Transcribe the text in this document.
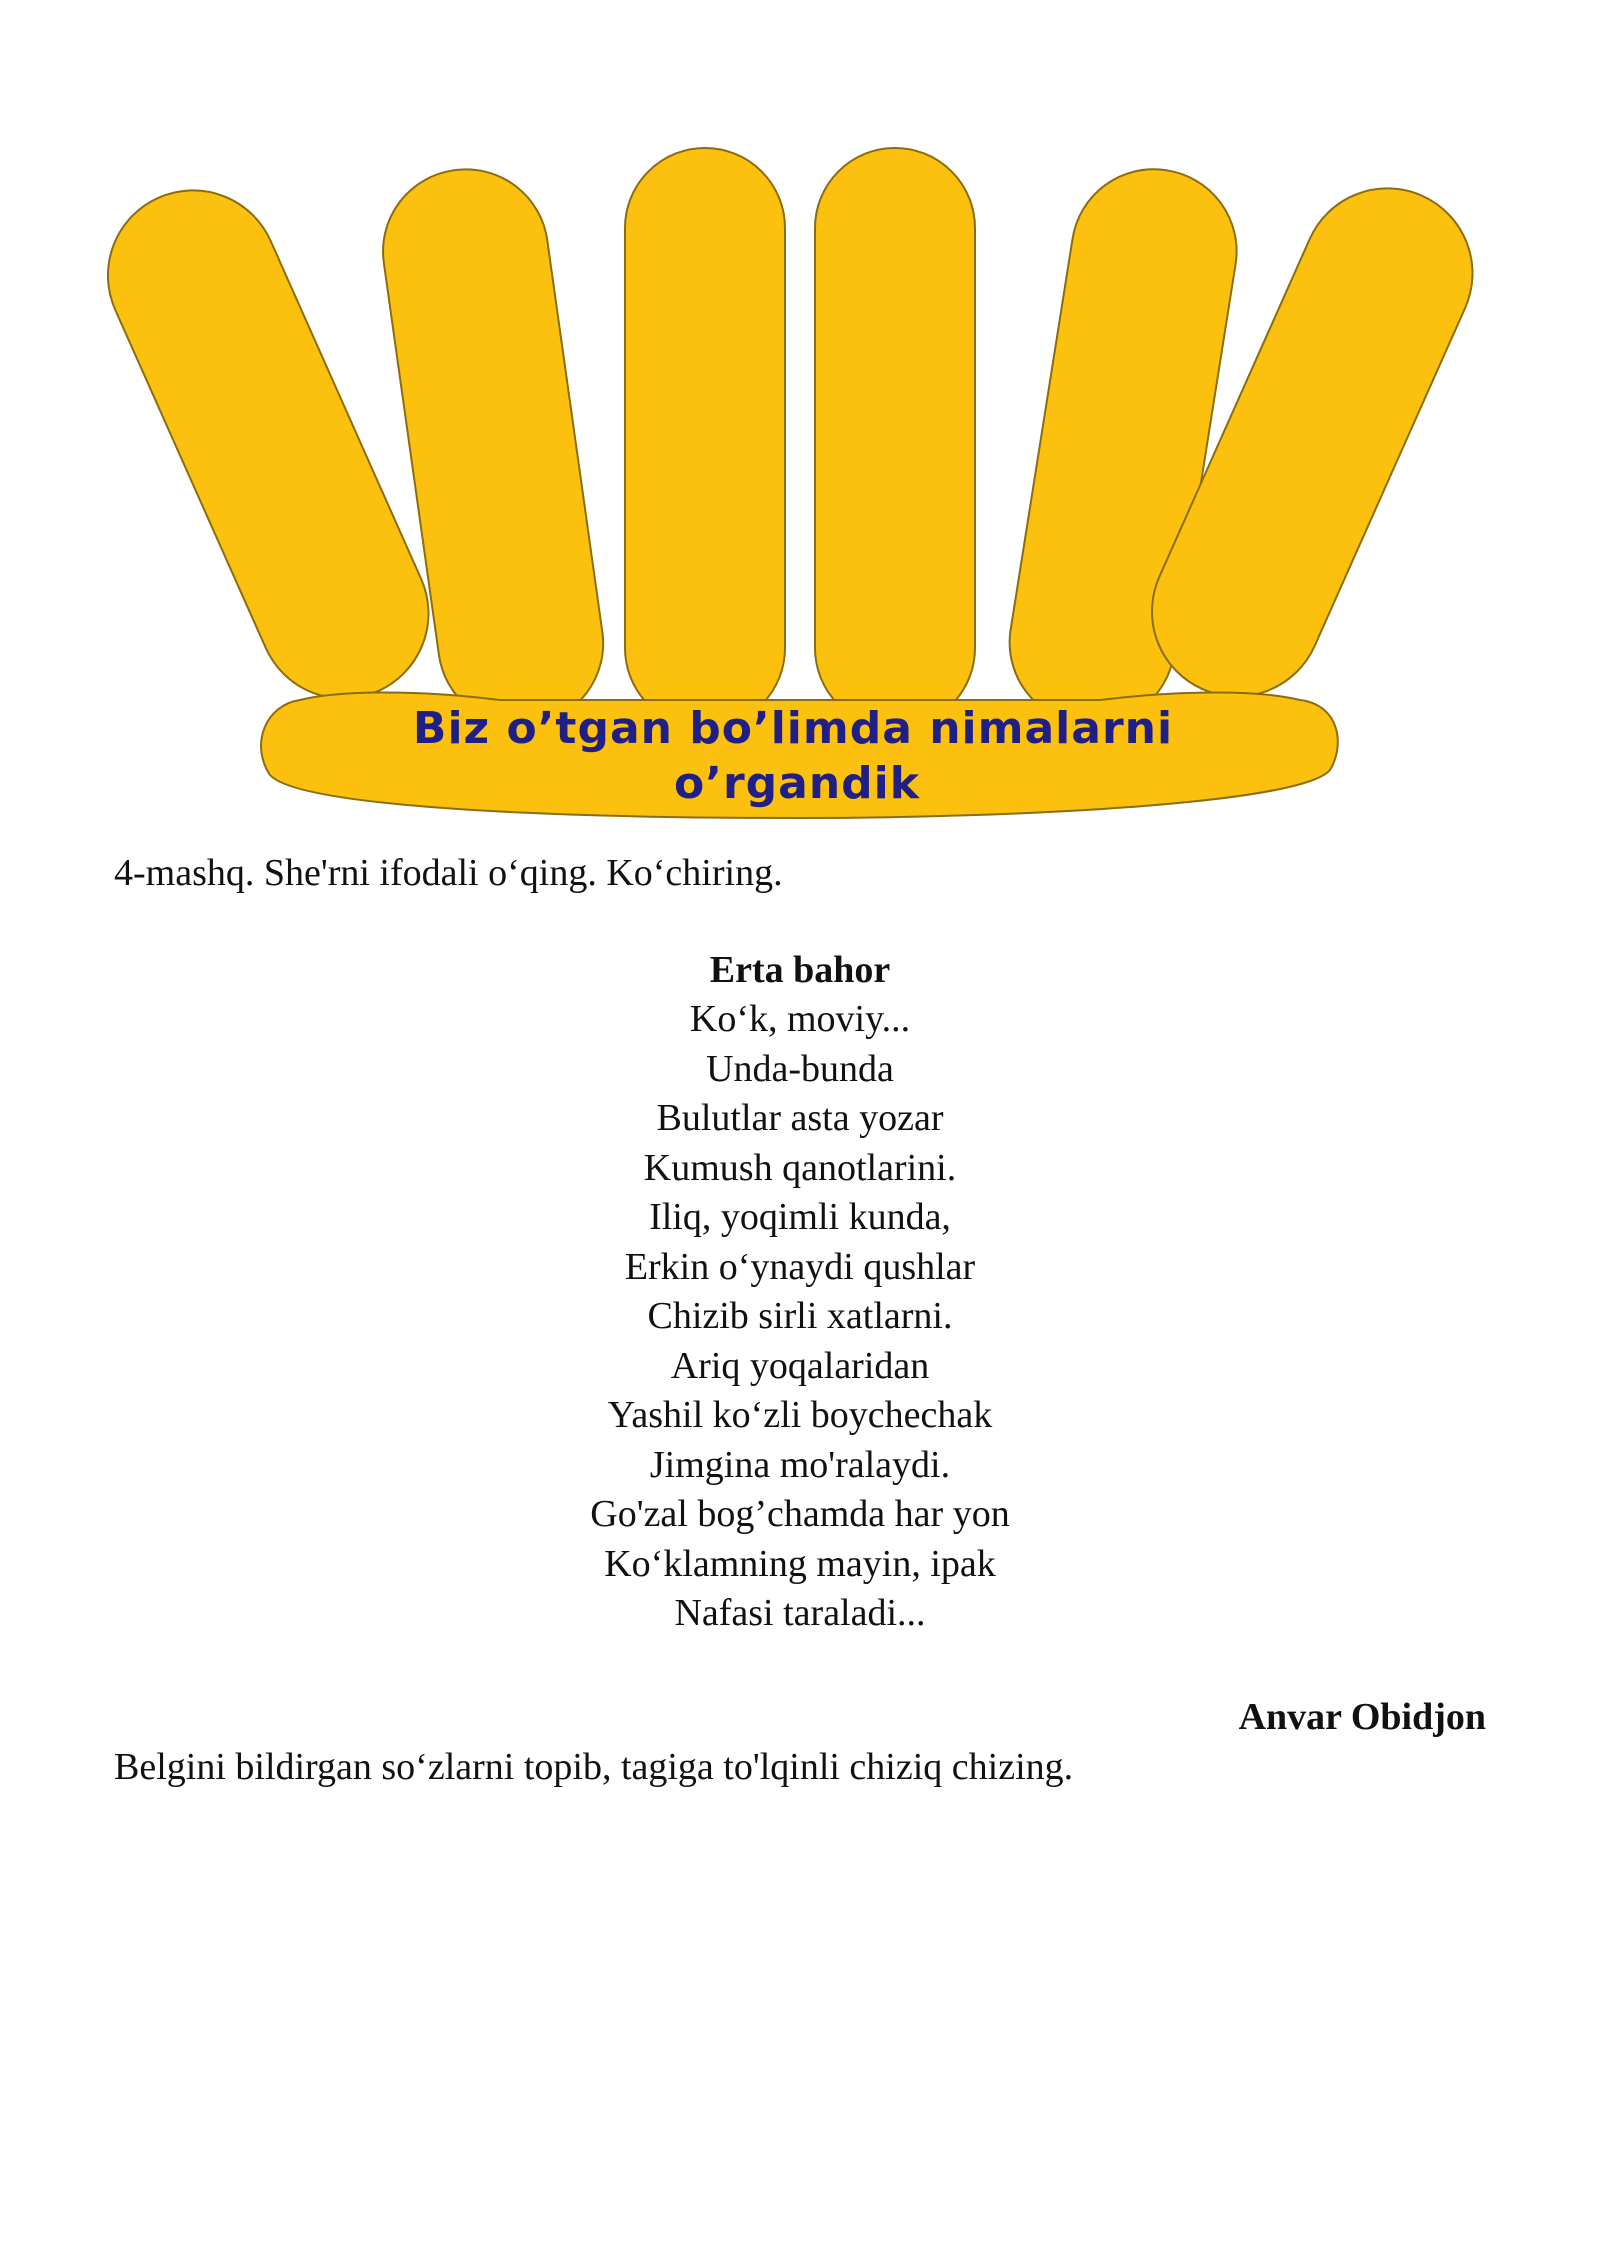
Biz o’tgan bo’limda nimalarni
o’rgandik
4-mashq. She'rni ifodali o‘qing. Ko‘chiring.
Erta bahor
Ko‘k, moviy...
Unda-bunda
Bulutlar asta yozar
Kumush qanotlarini.
Iliq, yoqimli kunda,
Erkin o‘ynaydi qushlar
Chizib sirli xatlarni.
Ariq yoqalaridan
Yashil ko‘zli boychechak
Jimgina mo'ralaydi.
Go'zal bog’chamda har yon
Ko‘klamning mayin, ipak
Nafasi taraladi...
Anvar Obidjon
Belgini bildirgan so‘zlarni topib, tagiga to'lqinli chiziq chizing.
